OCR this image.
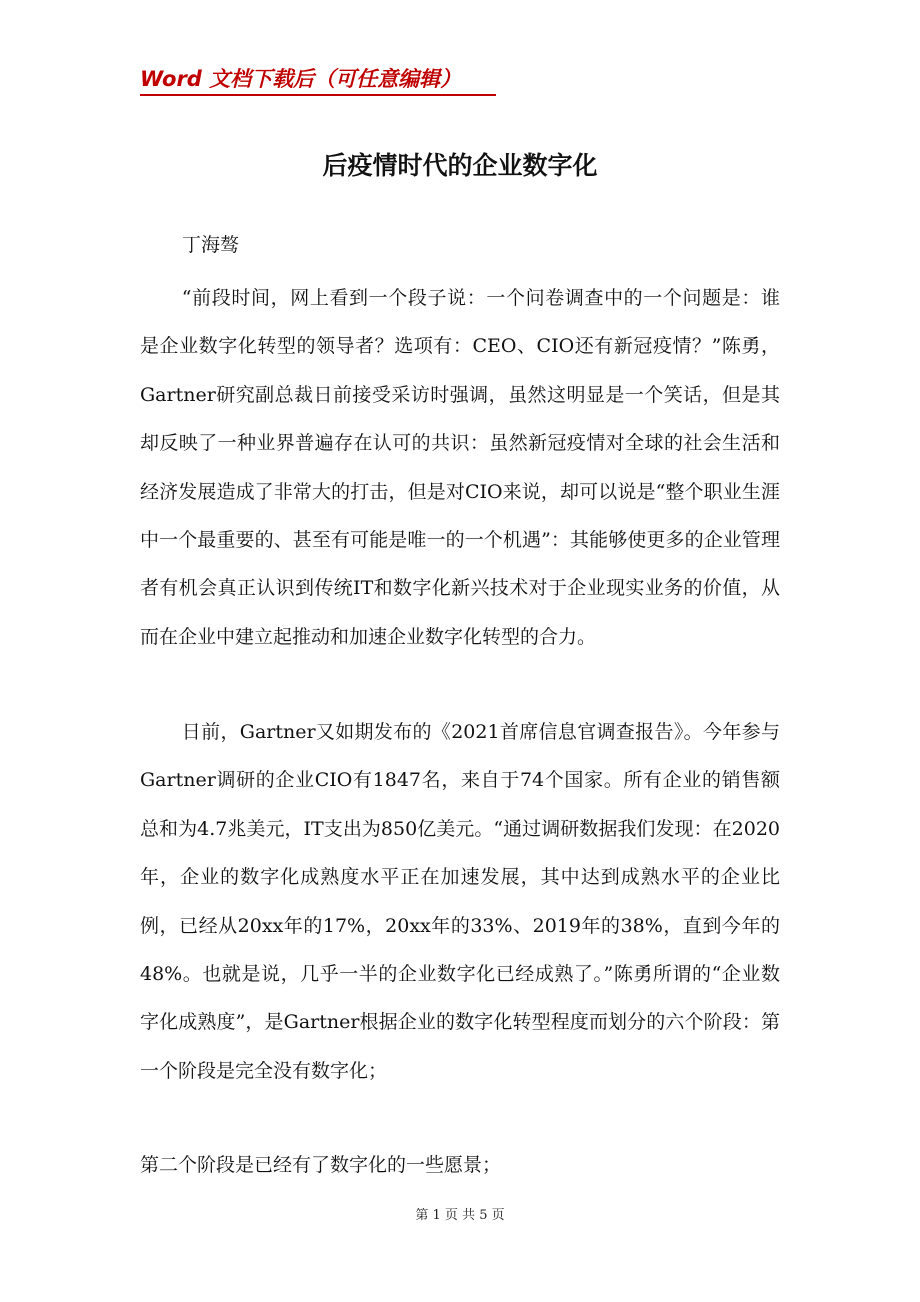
Word 文档下载后（可任意编辑）
后疫情时代的企业数字化
丁海骜

“前段时间，网上看到一个段子说：一个问卷调查中的一个问题是：谁是企业数字化转型的领导者？选项有：CEO、CIO还有新冠疫情？”陈勇，Gartner研究副总裁日前接受采访时强调，虽然这明显是一个笑话，但是其却反映了一种业界普遍存在认可的共识：虽然新冠疫情对全球的社会生活和经济发展造成了非常大的打击，但是对CIO来说，却可以说是“整个职业生涯中一个最重要的、甚至有可能是唯一的一个机遇”：其能够使更多的企业管理者有机会真正认识到传统IT和数字化新兴技术对于企业现实业务的价值，从而在企业中建立起推动和加速企业数字化转型的合力。

日前，Gartner又如期发布的《2021首席信息官调查报告》。今年参与Gartner调研的企业CIO有1847名，来自于74个国家。所有企业的销售额总和为4.7兆美元，IT支出为850亿美元。“通过调研数据我们发现：在2020年，企业的数字化成熟度水平正在加速发展，其中达到成熟水平的企业比例，已经从20xx年的17%，20xx年的33%、2019年的38%，直到今年的48%。也就是说，几乎一半的企业数字化已经成熟了。”陈勇所谓的“企业数字化成熟度”，是Gartner根据企业的数字化转型程度而划分的六个阶段：第一个阶段是完全没有数字化；

第二个阶段是已经有了数字化的一些愿景；

第 1 页 共 5 页
